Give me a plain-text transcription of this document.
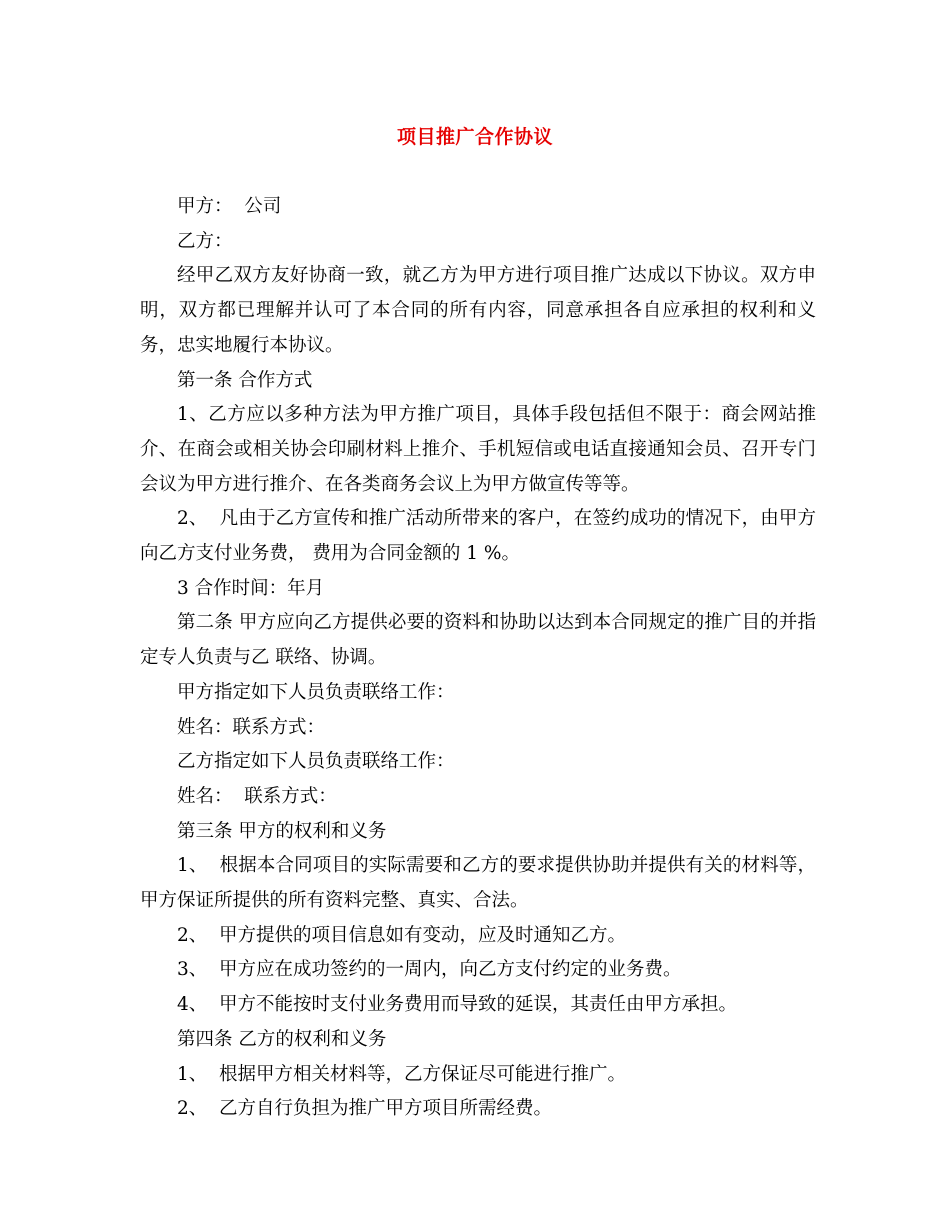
项目推广合作协议

甲方：  公司

乙方：

经甲乙双方友好协商一致，就乙方为甲方进行项目推广达成以下协议。双方申明，双方都已理解并认可了本合同的所有内容，同意承担各自应承担的权利和义务，忠实地履行本协议。

第一条 合作方式

1、乙方应以多种方法为甲方推广项目，具体手段包括但不限于：商会网站推介、在商会或相关协会印刷材料上推介、手机短信或电话直接通知会员、召开专门会议为甲方进行推介、在各类商务会议上为甲方做宣传等等。

2、  凡由于乙方宣传和推广活动所带来的客户，在签约成功的情况下，由甲方向乙方支付业务费， 费用为合同金额的 1 %。

3 合作时间：年月

第二条 甲方应向乙方提供必要的资料和协助以达到本合同规定的推广目的并指定专人负责与乙 联络、协调。

甲方指定如下人员负责联络工作：

姓名：联系方式：

乙方指定如下人员负责联络工作：

姓名：  联系方式：

第三条 甲方的权利和义务

1、  根据本合同项目的实际需要和乙方的要求提供协助并提供有关的材料等，甲方保证所提供的所有资料完整、真实、合法。

2、  甲方提供的项目信息如有变动，应及时通知乙方。

3、  甲方应在成功签约的一周内，向乙方支付约定的业务费。

4、  甲方不能按时支付业务费用而导致的延误，其责任由甲方承担。

第四条 乙方的权利和义务

1、  根据甲方相关材料等，乙方保证尽可能进行推广。

2、  乙方自行负担为推广甲方项目所需经费。
